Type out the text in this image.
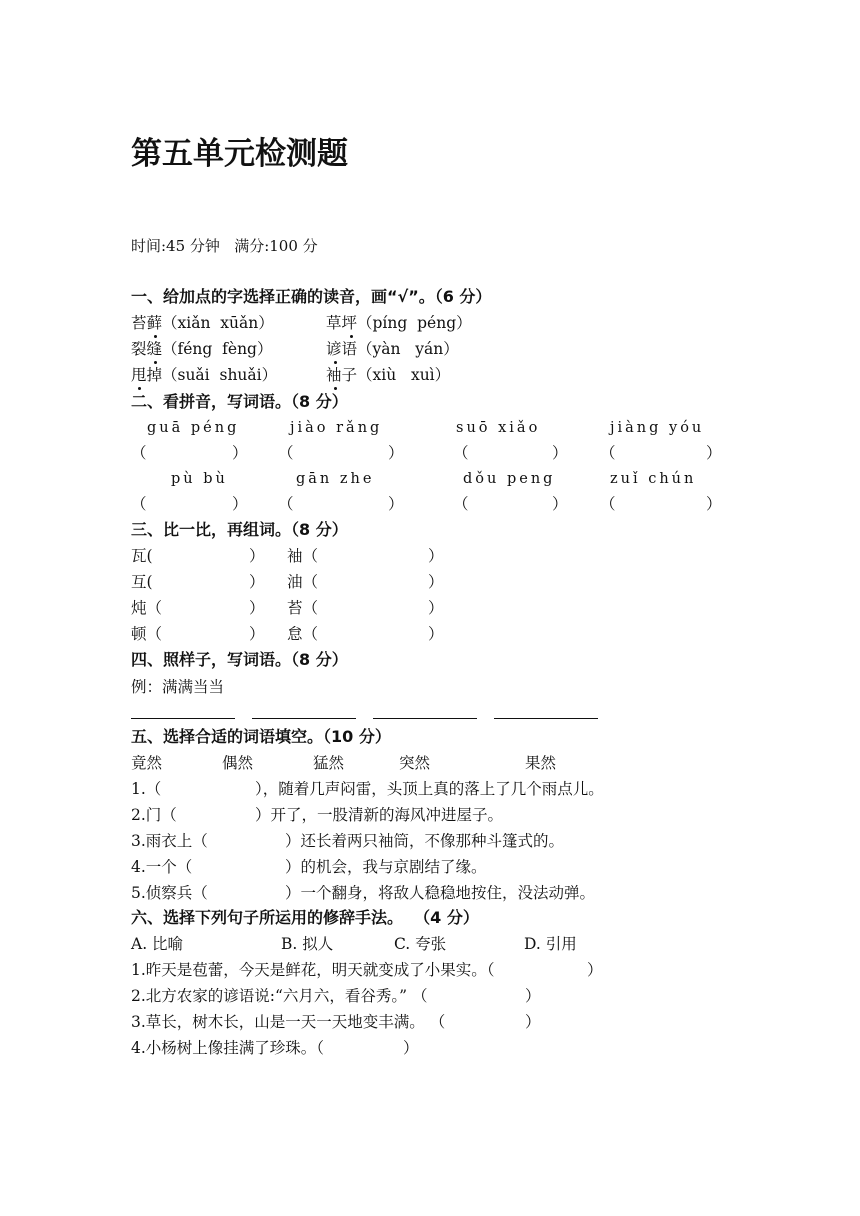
第五单元检测题
时间:45 分钟   满分:100 分
一、给加点的字选择正确的读音，画“√”。（6 分）
苔藓（xiǎn  xūǎn）	草坪（píng  péng）
裂缝（féng  fèng）	谚语（yàn   yán）
甩掉（suǎi  shuǎi）	袖子（xiù   xuì）
二、看拼音，写词语。（8 分）
guā péng	jiào rǎng	suō xiǎo	jiàng yóu
（	） （	）	（	） （	）
pù bù	gān zhe	dǒu peng	zuǐ chún
（	） （	）	（	） （	）
三、比一比，再组词。（8 分）
瓦(	） 袖（	）
互(	） 油（	）
炖（	） 苔（	）
顿（	） 怠（	）
四、照样子，写词语。（8 分）
例：满满当当
五、选择合适的词语填空。（10 分）
竟然	偶然	猛然	突然	果然
1.（	），随着几声闷雷，头顶上真的落上了几个雨点儿。
2.门（	）开了，一股清新的海风冲进屋子。
3.雨衣上（	）还长着两只袖筒，不像那种斗篷式的。
4.一个（	）的机会，我与京剧结了缘。
5.侦察兵（	）一个翻身，将敌人稳稳地按住，没法动弹。
六、选择下列句子所运用的修辞手法。  （4 分）
A. 比喻	B. 拟人	C. 夸张	D. 引用
1.昨天是苞蕾，今天是鲜花，明天就变成了小果实。（	）
2.北方农家的谚语说:“六月六，看谷秀。” （	）
3.草长，树木长，山是一天一天地变丰满。 （	）
4.小杨树上像挂满了珍珠。（	）
